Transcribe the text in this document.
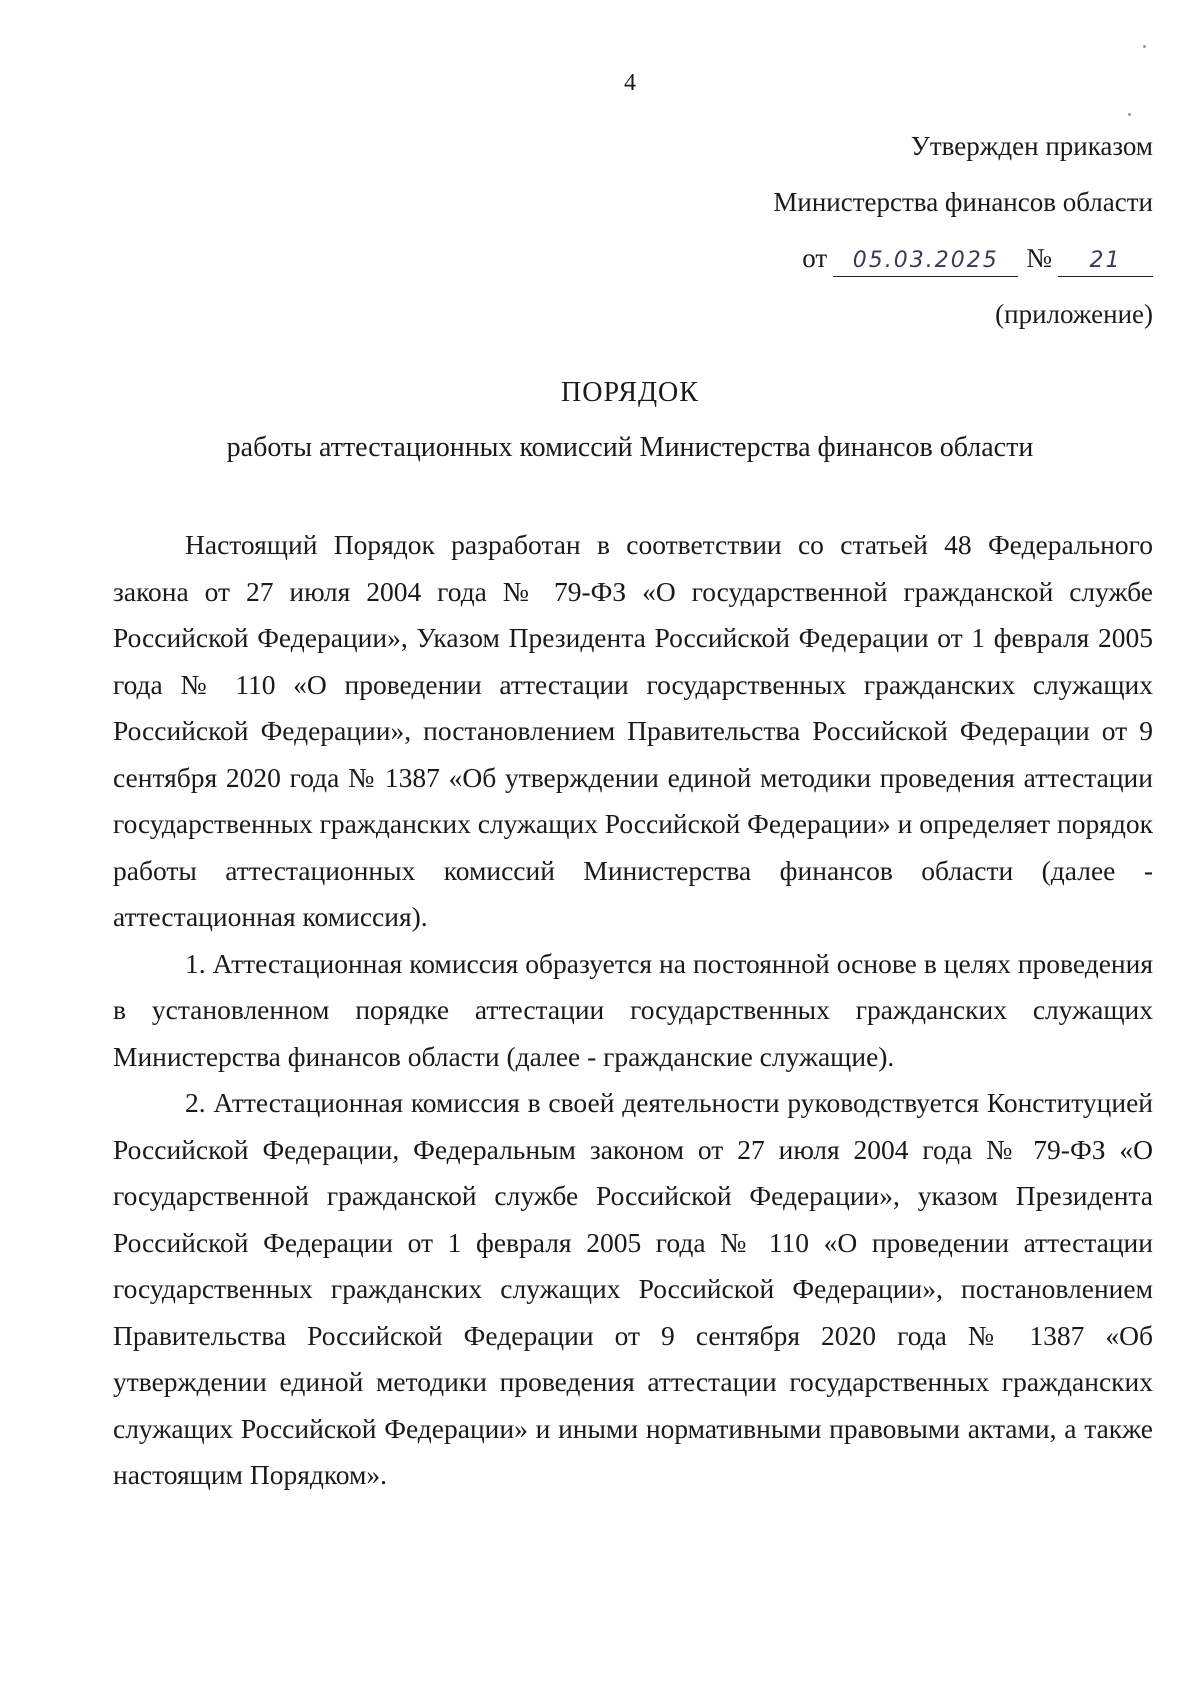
4
Утвержден приказом
Министерства финансов области
от 05.03.2025 № 21
(приложение)
ПОРЯДОК
работы аттестационных комиссий Министерства финансов области

Настоящий Порядок разработан в соответствии со статьей 48 Федерального закона от 27 июля 2004 года № 79-ФЗ «О государственной гражданской службе Российской Федерации», Указом Президента Российской Федерации от 1 февраля 2005 года № 110 «О проведении аттестации государственных гражданских служащих Российской Федерации», постановлением Правительства Российской Федерации от 9 сентября 2020 года № 1387 «Об утверждении единой методики проведения аттестации государственных гражданских служащих Российской Федерации» и определяет порядок работы аттестационных комиссий Министерства финансов области (далее - аттестационная комиссия).

1. Аттестационная комиссия образуется на постоянной основе в целях проведения в установленном порядке аттестации государственных гражданских служащих Министерства финансов области (далее - гражданские служащие).

2. Аттестационная комиссия в своей деятельности руководствуется Конституцией Российской Федерации, Федеральным законом от 27 июля 2004 года № 79-ФЗ «О государственной гражданской службе Российской Федерации», указом Президента Российской Федерации от 1 февраля 2005 года № 110 «О проведении аттестации государственных гражданских служащих Российской Федерации», постановлением Правительства Российской Федерации от 9 сентября 2020 года № 1387 «Об утверждении единой методики проведения аттестации государственных гражданских служащих Российской Федерации» и иными нормативными правовыми актами, а также настоящим Порядком».
